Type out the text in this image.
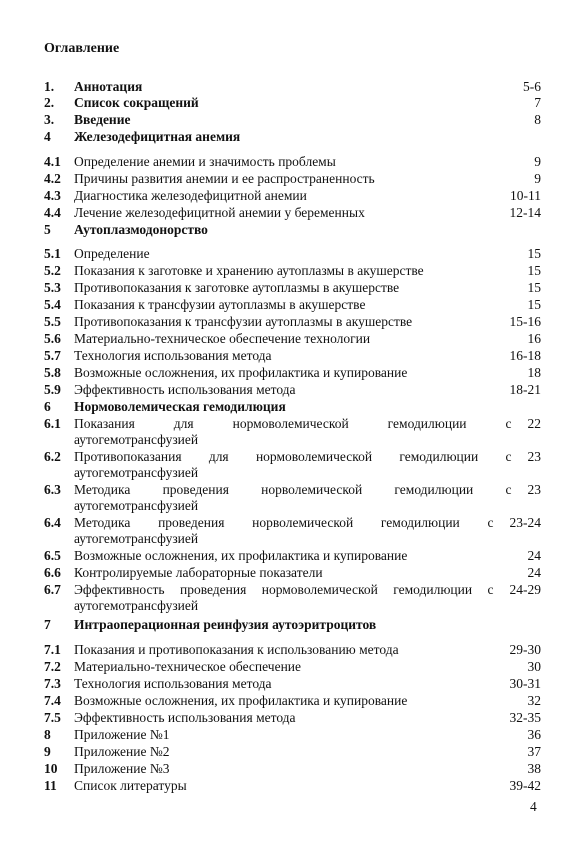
Оглавление
1.	Аннотация	5-6
2.	Список сокращений	7
3.	Введение	8
4	Железодефицитная анемия
4.1 Определение анемии и значимость проблемы	9
4.2 Причины развития анемии и ее распространенность	9
4.3 Диагностика железодефицитной анемии	10-11
4.4 Лечение железодефицитной анемии у беременных	12-14
5	Аутоплазмодонорство
5.1 Определение	15
5.2 Показания к заготовке и хранению аутоплазмы в акушерстве	15
5.3 Противопоказания к заготовке аутоплазмы в акушерстве	15
5.4 Показания к трансфузии аутоплазмы в акушерстве	15
5.5 Противопоказания к трансфузии аутоплазмы в акушерстве	15-16
5.6 Материально-техническое обеспечение технологии	16
5.7 Технология использования метода	16-18
5.8 Возможные осложнения, их профилактика и купирование	18
5.9 Эффективность использования метода	18-21
6	Нормоволемическая гемодилюция
6.1 Показания для нормоволемической гемодилюции с	22
аутогемотрансфузией
6.2 Противопоказания для нормоволемической гемодилюции с	23
аутогемотрансфузией
6.3 Методика проведения норволемической гемодилюции с	23
аутогемотрансфузией
6.4 Методика проведения норволемической гемодилюции с	23-24
аутогемотрансфузией
6.5 Возможные осложнения, их профилактика и купирование	24
6.6 Контролируемые лабораторные показатели	24
6.7 Эффективность проведения нормоволемической гемодилюции с	24-29
аутогемотрансфузией
7	Интраоперационная реинфузия аутоэритроцитов
7.1 Показания и противопоказания к использованию метода	29-30
7.2 Материально-техническое обеспечение	30
7.3 Технология использования метода	30-31
7.4 Возможные осложнения, их профилактика и купирование	32
7.5 Эффективность использования метода	32-35
8	Приложение №1	36
9	Приложение №2	37
10	Приложение №3	38
11	Список литературы	39-42
4
